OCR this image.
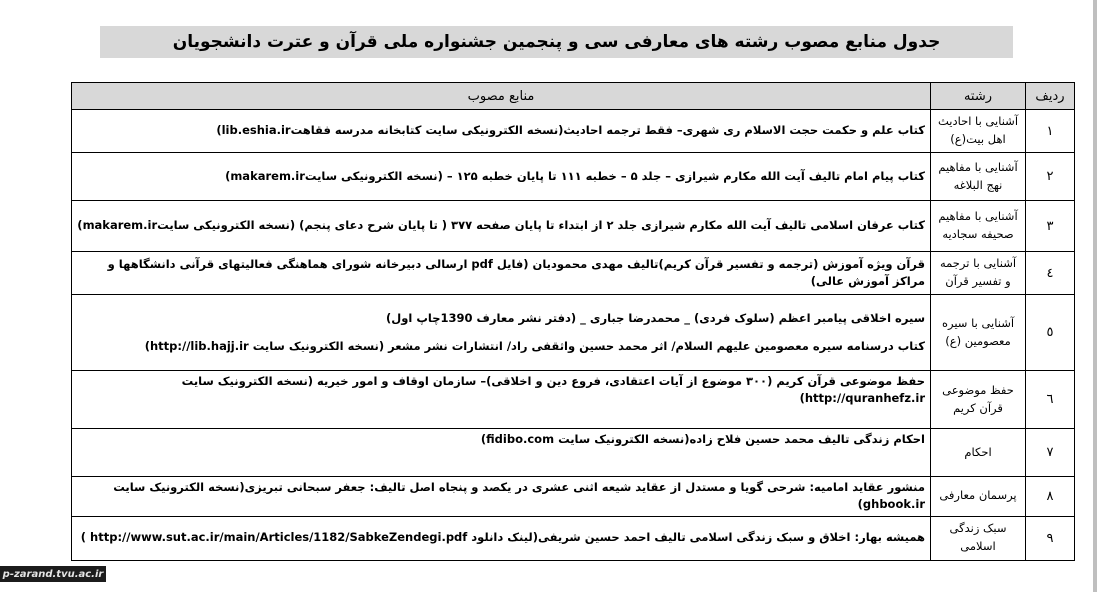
جدول منابع مصوب رشته های معارفی سی و پنجمین جشنواره ملی قرآن و عترت دانشجویان
ردیف	رشته	منابع مصوب
۱	آشنایی با احادیث اهل بیت(ع)	کتاب علم و حکمت حجت الاسلام ری شهری– فقط ترجمه احادیث(نسخه الکترونیکی سایت کتابخانه مدرسه فقاهتlib.eshia.ir)

۲	آشنایی با مفاهیم نهج البلاغه	کتاب پیام امام تالیف آیت الله مکارم شیرازی – جلد ۵ – خطبه ۱۱۱ تا پایان خطبه ۱۲۵ – (نسخه الکترونیکی سایتmakarem.ir)

۳	آشنایی با مفاهیم صحیفه سجادیه	کتاب عرفان اسلامی تالیف آیت الله مکارم شیرازی جلد ۲ از ابتداء تا پایان صفحه ۳۷۷ ( تا پایان شرح دعای پنجم) (نسخه الکترونیکی سایتmakarem.ir)

٤	آشنایی با ترجمه و تفسیر قرآن	قرآن ویژه آموزش (ترجمه و تفسیر قرآن کریم)تالیف مهدی محمودیان (فایل pdf ارسالی دبیرخانه شورای هماهنگی فعالیتهای قرآنی دانشگاهها و مراکز آموزش عالی)

٥	آشنایی با سیره معصومین (ع)	سیره اخلاقی پیامبر اعظم (سلوک فردی) _ محمدرضا جباری _ (دفتر نشر معارف 1390چاپ اول)
کتاب درسنامه سیره معصومین علیهم السلام/ اثر محمد حسین واثقفی راد/ انتشارات نشر مشعر (نسخه الکترونیک سایت http://lib.hajj.ir)

٦	حفظ موضوعی قرآن کریم	حفظ موضوعی قرآن کریم (۳۰۰ موضوع از آیات اعتقادی، فروع دین و اخلاقی)– سازمان اوقاف و امور خیریه (نسخه الکترونیک سایت http://quranhefz.ir)

٧	احکام	احکام زندگی تالیف محمد حسین فلاح زاده(نسخه الکترونیک سایت fidibo.com)

٨	پرسمان معارفی	منشور عقاید امامیه: شرحی گویا و مستدل از عقاید شیعه اثنی عشری در یکصد و پنجاه اصل تالیف: جعفر سبحانی تبریزی(نسخه الکترونیک سایت ghbook.ir)

٩	سبک زندگی اسلامی	همیشه بهار: اخلاق و سبک زندگی اسلامی تالیف احمد حسین شریفی(لینک دانلود http://www.sut.ac.ir/main/Articles/1182/SabkeZendegi.pdf )
p-zarand.tvu.ac.ir
